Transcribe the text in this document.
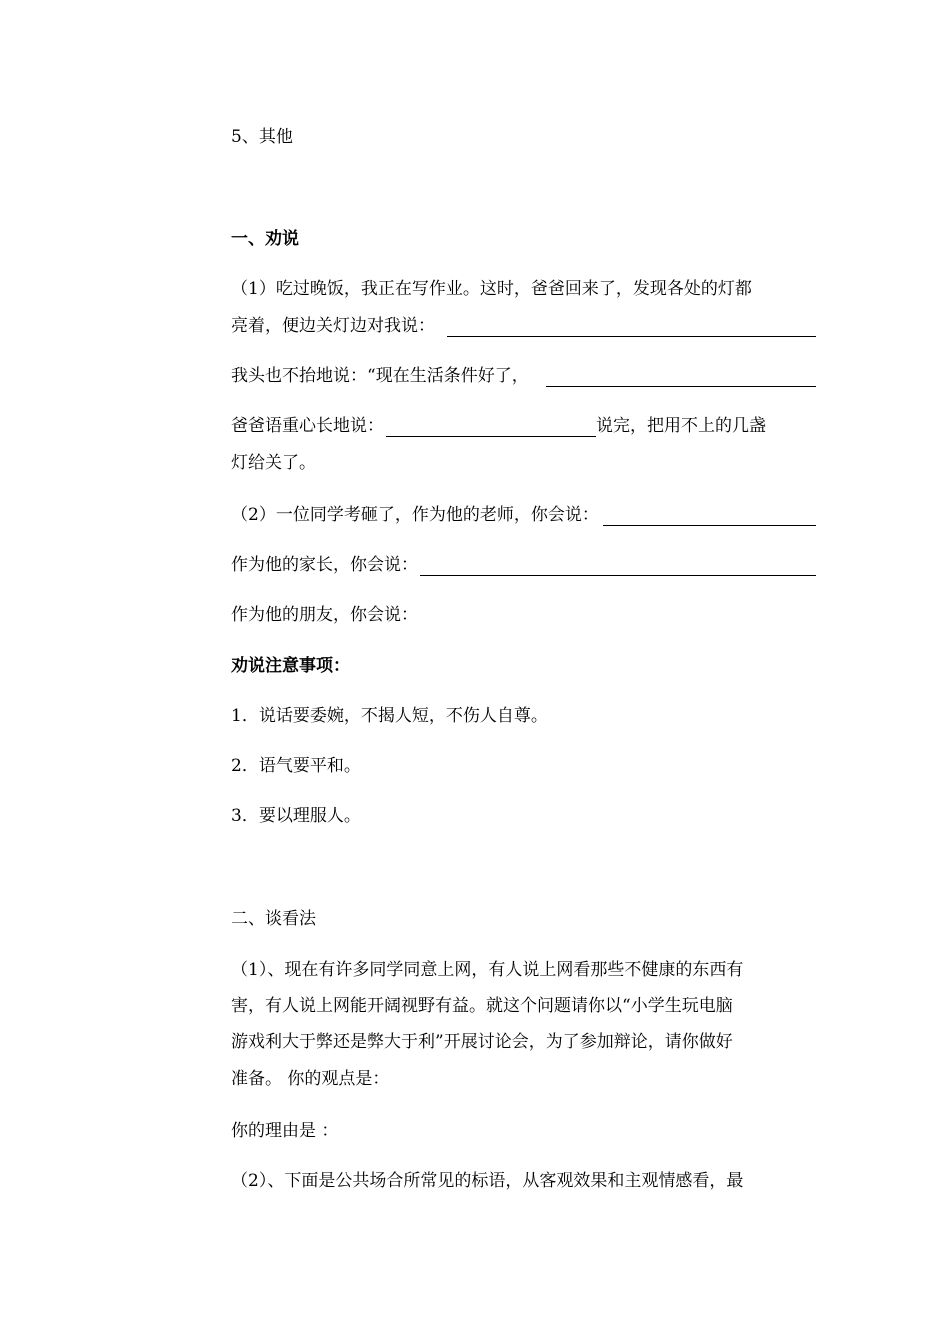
5、其他
一、劝说
（1）吃过晚饭，我正在写作业。这时，爸爸回来了，发现各处的灯都
亮着，便边关灯边对我说：
我头也不抬地说：“现在生活条件好了，
爸爸语重心长地说：	说完，把用不上的几盏
灯给关了。
（2）一位同学考砸了，作为他的老师，你会说：
作为他的家长，你会说：
作为他的朋友，你会说：
劝说注意事项：
1．说话要委婉，不揭人短，不伤人自尊。
2．语气要平和。
3．要以理服人。
二、谈看法
（1）、现在有许多同学同意上网，有人说上网看那些不健康的东西有
害，有人说上网能开阔视野有益。就这个问题请你以“小学生玩电脑
游戏利大于弊还是弊大于利”开展讨论会，为了参加辩论，请你做好
准备。 你的观点是：
你的理由是 ：
（2）、下面是公共场合所常见的标语，从客观效果和主观情感看，最
